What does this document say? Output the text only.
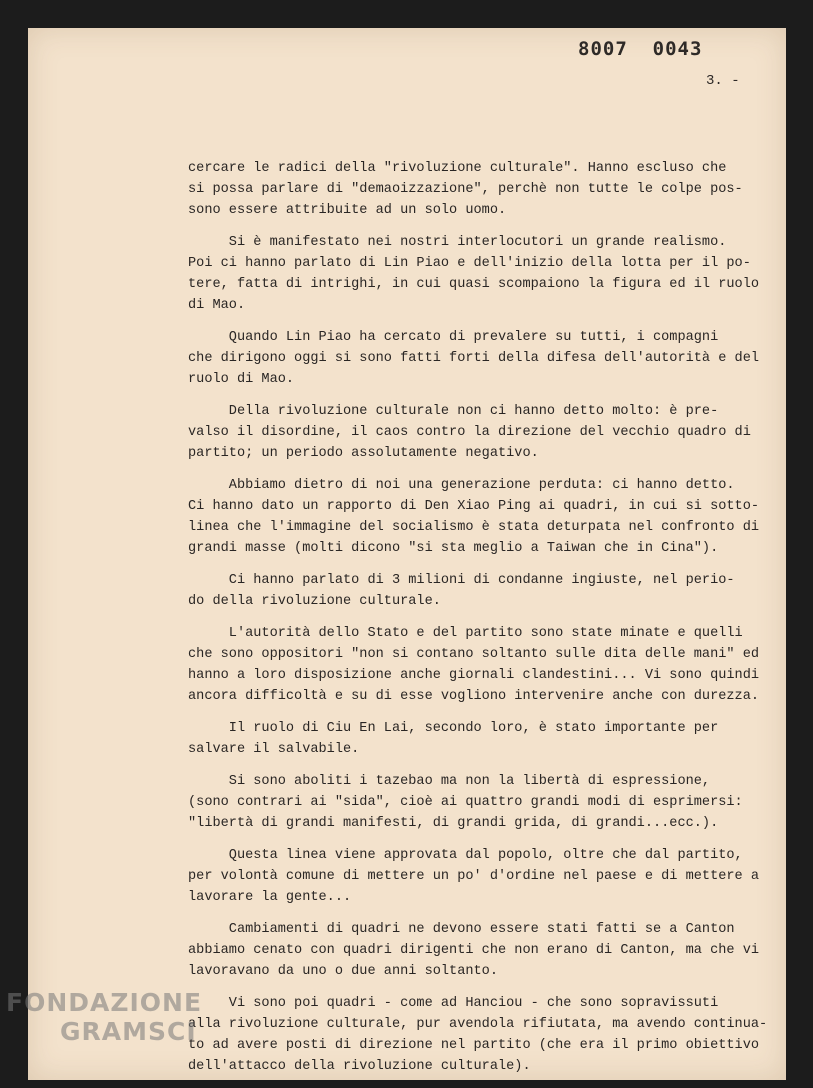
8007  0043
3. -

cercare le radici della "rivoluzione culturale". Hanno escluso che
si possa parlare di "demaoizzazione", perchè non tutte le colpe pos-
sono essere attribuite ad un solo uomo.

Si è manifestato nei nostri interlocutori un grande realismo.
Poi ci hanno parlato di Lin Piao e dell'inizio della lotta per il po-
tere, fatta di intrighi, in cui quasi scompaiono la figura ed il ruolo
di Mao.

Quando Lin Piao ha cercato di prevalere su tutti, i compagni
che dirigono oggi si sono fatti forti della difesa dell'autorità e del
ruolo di Mao.

Della rivoluzione culturale non ci hanno detto molto: è pre-
valso il disordine, il caos contro la direzione del vecchio quadro di
partito; un periodo assolutamente negativo.

Abbiamo dietro di noi una generazione perduta: ci hanno detto.
Ci hanno dato un rapporto di Den Xiao Ping ai quadri, in cui si sotto-
linea che l'immagine del socialismo è stata deturpata nel confronto di
grandi masse (molti dicono "si sta meglio a Taiwan che in Cina").

Ci hanno parlato di 3 milioni di condanne ingiuste, nel perio-
do della rivoluzione culturale.

L'autorità dello Stato e del partito sono state minate e quelli
che sono oppositori "non si contano soltanto sulle dita delle mani" ed
hanno a loro disposizione anche giornali clandestini... Vi sono quindi
ancora difficoltà e su di esse vogliono intervenire anche con durezza.

Il ruolo di Ciu En Lai, secondo loro, è stato importante per
salvare il salvabile.

Si sono aboliti i tazebao ma non la libertà di espressione,
(sono contrari ai "sida", cioè ai quattro grandi modi di esprimersi:
"libertà di grandi manifesti, di grandi grida, di grandi...ecc.).

Questa linea viene approvata dal popolo, oltre che dal partito,
per volontà comune di mettere un po' d'ordine nel paese e di mettere a
lavorare la gente...

Cambiamenti di quadri ne devono essere stati fatti se a Canton
abbiamo cenato con quadri dirigenti che non erano di Canton, ma che vi
lavoravano da uno o due anni soltanto.

Vi sono poi quadri - come ad Hanciou - che sono sopravissuti
alla rivoluzione culturale, pur avendola rifiutata, ma avendo continua-
to ad avere posti di direzione nel partito (che era il primo obiettivo
dell'attacco della rivoluzione culturale).

FONDAZIONE
GRAMSCI
